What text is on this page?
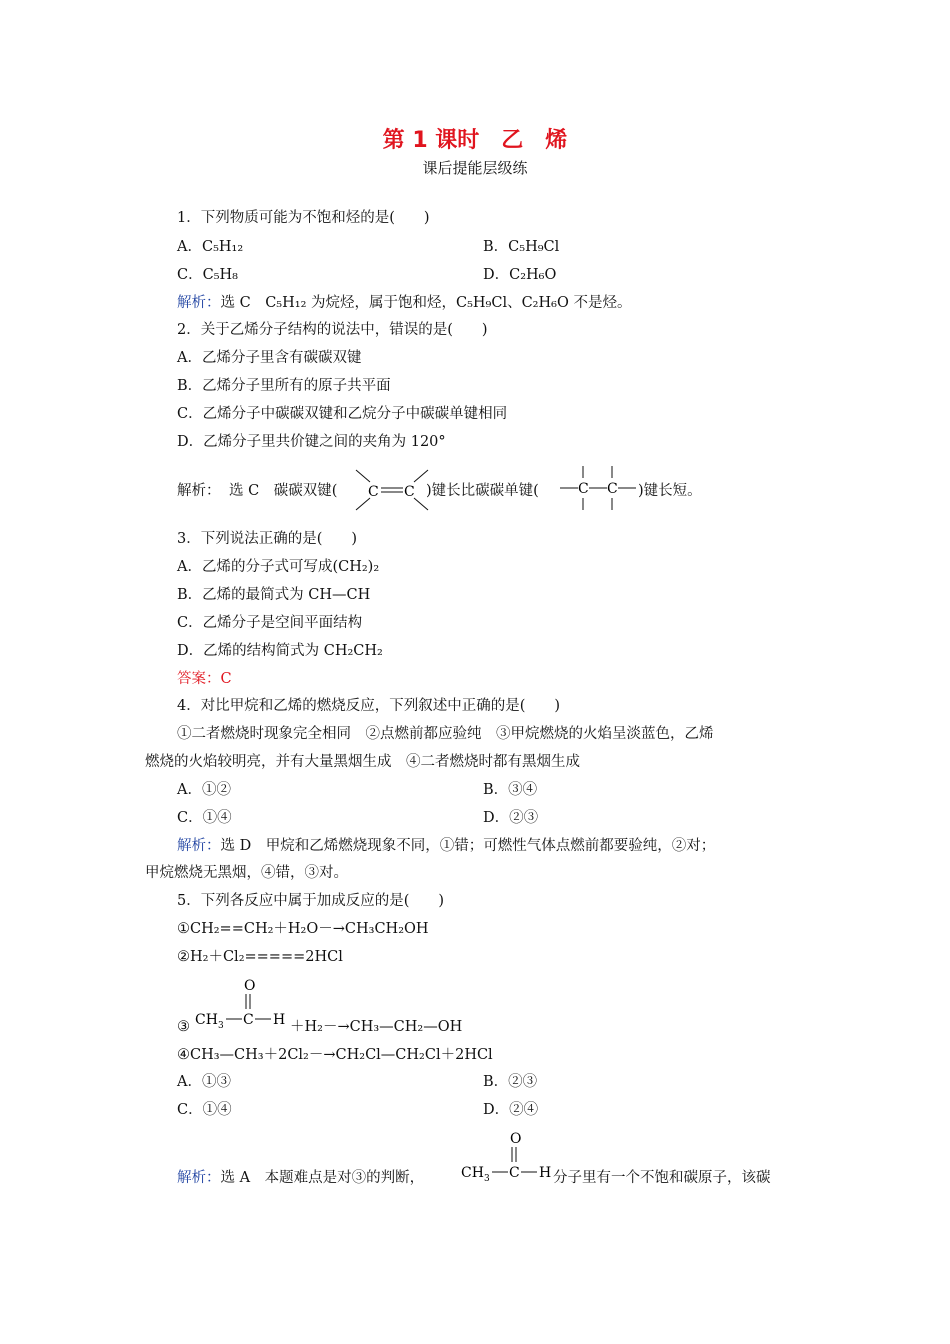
第 1 课时　乙　烯
课后提能层级练
1．下列物质可能为不饱和烃的是(　　)
A．C₅H₁₂	B．C₅H₉Cl
C．C₅H₈	D．C₂H₆O
解析：选 C　C₅H₁₂ 为烷烃，属于饱和烃，C₅H₉Cl、C₂H₆O 不是烃。
2．关于乙烯分子结构的说法中，错误的是(　　)
A．乙烯分子里含有碳碳双键
B．乙烯分子里所有的原子共平面
C．乙烯分子中碳碳双键和乙烷分子中碳碳单键相同
D．乙烯分子里共价键之间的夹角为 120°
解析： 选 C　碳碳双键( C C )键长比碳碳单键(	C C )键长短。
3．下列说法正确的是(　　)
A．乙烯的分子式可写成(CH₂)₂
B．乙烯的最简式为 CH—CH
C．乙烯分子是空间平面结构
D．乙烯的结构简式为 CH₂CH₂
答案：C
4．对比甲烷和乙烯的燃烧反应，下列叙述中正确的是(　　)
①二者燃烧时现象完全相同　②点燃前都应验纯　③甲烷燃烧的火焰呈淡蓝色，乙烯
燃烧的火焰较明亮，并有大量黑烟生成　④二者燃烧时都有黑烟生成
A．①②	B．③④
C．①④	D．②③
解析：选 D　甲烷和乙烯燃烧现象不同，①错；可燃性气体点燃前都要验纯，②对；
甲烷燃烧无黑烟，④错，③对。
5．下列各反应中属于加成反应的是(　　)
①CH₂==CH₂＋H₂O－→CH₃CH₂OH
②H₂＋Cl₂=====2HCl
③
O
CH 3 C H ＋H₂－→CH₃—CH₂—OH
④CH₃—CH₃＋2Cl₂－→CH₂Cl—CH₂Cl＋2HCl
A．①③	B．②③
C．①④	D．②④
解析：选 A　本题难点是对③的判断，
O
CH 3 C H 分子里有一个不饱和碳原子，该碳
